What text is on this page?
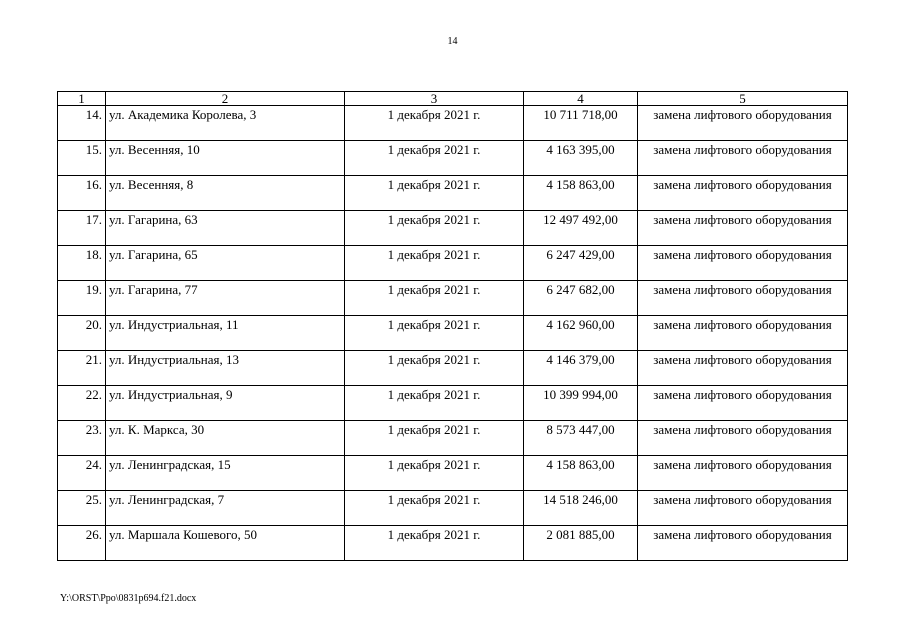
14
1	2	3	4	5
14.	ул. Академика Королева, 3	1 декабря 2021 г.	10 711 718,00	замена лифтового оборудования
15.	ул. Весенняя, 10	1 декабря 2021 г.	4 163 395,00	замена лифтового оборудования
16.	ул. Весенняя, 8	1 декабря 2021 г.	4 158 863,00	замена лифтового оборудования
17.	ул. Гагарина, 63	1 декабря 2021 г.	12 497 492,00	замена лифтового оборудования
18.	ул. Гагарина, 65	1 декабря 2021 г.	6 247 429,00	замена лифтового оборудования
19.	ул. Гагарина, 77	1 декабря 2021 г.	6 247 682,00	замена лифтового оборудования
20.	ул. Индустриальная, 11	1 декабря 2021 г.	4 162 960,00	замена лифтового оборудования
21.	ул. Индустриальная, 13	1 декабря 2021 г.	4 146 379,00	замена лифтового оборудования
22.	ул. Индустриальная, 9	1 декабря 2021 г.	10 399 994,00	замена лифтового оборудования
23.	ул. К. Маркса, 30	1 декабря 2021 г.	8 573 447,00	замена лифтового оборудования
24.	ул. Ленинградская, 15	1 декабря 2021 г.	4 158 863,00	замена лифтового оборудования
25.	ул. Ленинградская, 7	1 декабря 2021 г.	14 518 246,00	замена лифтового оборудования
26.	ул. Маршала Кошевого, 50	1 декабря 2021 г.	2 081 885,00	замена лифтового оборудования
Y:\ORST\Ppo\0831p694.f21.docx
